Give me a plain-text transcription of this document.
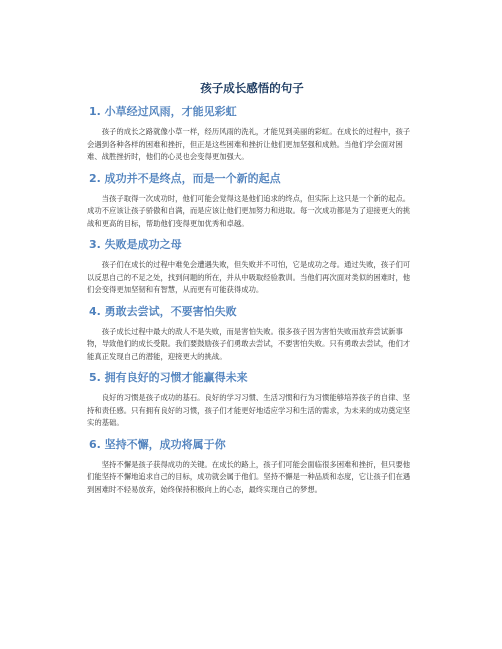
孩子成长感悟的句子
1. 小草经过风雨，才能见彩虹

孩子的成长之路就像小草一样，经历风雨的洗礼，才能见到美丽的彩虹。在成长的过程中，孩子会遇到各种各样的困难和挫折，但正是这些困难和挫折让他们更加坚强和成熟。当他们学会面对困难、战胜挫折时，他们的心灵也会变得更加强大。

2. 成功并不是终点，而是一个新的起点

当孩子取得一次成功时，他们可能会觉得这是他们追求的终点，但实际上这只是一个新的起点。成功不应该让孩子骄傲和自满，而是应该让他们更加努力和进取。每一次成功都是为了迎接更大的挑战和更高的目标，帮助他们变得更加优秀和卓越。

3. 失败是成功之母

孩子们在成长的过程中难免会遭遇失败，但失败并不可怕，它是成功之母。通过失败，孩子们可以反思自己的不足之处，找到问题的所在，并从中吸取经验教训。当他们再次面对类似的困难时，他们会变得更加坚韧和有智慧，从而更有可能获得成功。

4. 勇敢去尝试，不要害怕失败

孩子成长过程中最大的敌人不是失败，而是害怕失败。很多孩子因为害怕失败而放弃尝试新事物，导致他们的成长受限。我们要鼓励孩子们勇敢去尝试，不要害怕失败。只有勇敢去尝试，他们才能真正发现自己的潜能，迎接更大的挑战。

5. 拥有良好的习惯才能赢得未来

良好的习惯是孩子成功的基石。良好的学习习惯、生活习惯和行为习惯能够培养孩子的自律、坚持和责任感。只有拥有良好的习惯，孩子们才能更好地适应学习和生活的需求，为未来的成功奠定坚实的基础。

6. 坚持不懈，成功将属于你

坚持不懈是孩子获得成功的关键。在成长的路上，孩子们可能会面临很多困难和挫折，但只要他们能坚持不懈地追求自己的目标，成功就会属于他们。坚持不懈是一种品质和态度，它让孩子们在遇到困难时不轻易放弃，始终保持积极向上的心态，最终实现自己的梦想。
